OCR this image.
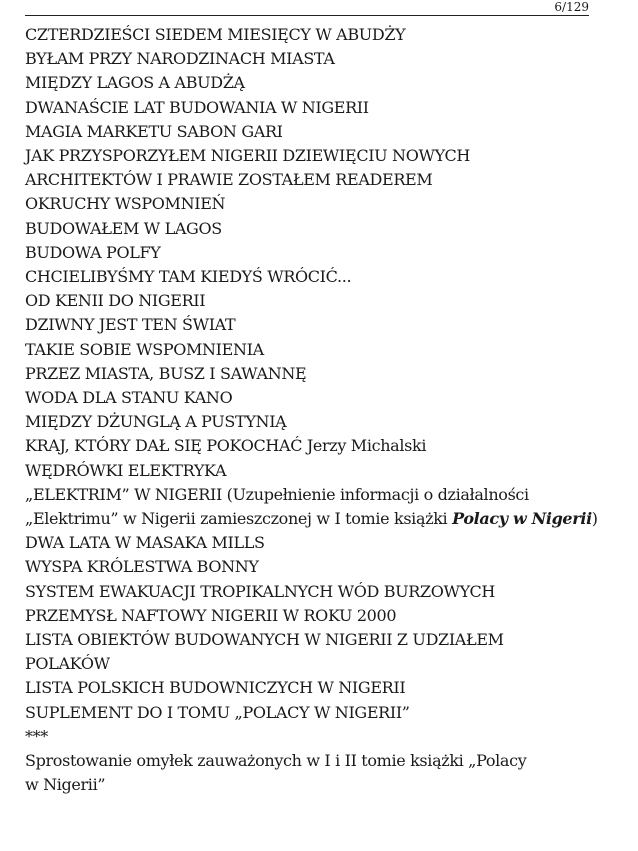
6/129
CZTERDZIEŚCI SIEDEM MIESIĘCY W ABUDŻY
BYŁAM PRZY NARODZINACH MIASTA
MIĘDZY LAGOS A ABUDŻĄ
DWANAŚCIE LAT BUDOWANIA W NIGERII
MAGIA MARKETU SABON GARI
JAK PRZYSPORZYŁEM NIGERII DZIEWIĘCIU NOWYCH
ARCHITEKTÓW I PRAWIE ZOSTAŁEM READEREM
OKRUCHY WSPOMNIEŃ
BUDOWAŁEM W LAGOS
BUDOWA POLFY
CHCIELIBYŚMY TAM KIEDYŚ WRÓCIĆ...
OD KENII DO NIGERII
DZIWNY JEST TEN ŚWIAT
TAKIE SOBIE WSPOMNIENIA
PRZEZ MIASTA, BUSZ I SAWANNĘ
WODA DLA STANU KANO
MIĘDZY DŻUNGLĄ A PUSTYNIĄ
KRAJ, KTÓRY DAŁ SIĘ POKOCHAĆ Jerzy Michalski
WĘDRÓWKI ELEKTRYKA
„ELEKTRIM” W NIGERII (Uzupełnienie informacji o działalności „Elektrimu” w Nigerii zamieszczonej w I tomie książki Polacy w Nigerii)
DWA LATA W MASAKA MILLS
WYSPA KRÓLESTWA BONNY
SYSTEM EWAKUACJI TROPIKALNYCH WÓD BURZOWYCH
PRZEMYSŁ NAFTOWY NIGERII W ROKU 2000
LISTA OBIEKTÓW BUDOWANYCH W NIGERII Z UDZIAŁEM
POLAKÓW
LISTA POLSKICH BUDOWNICZYCH W NIGERII
SUPLEMENT DO I TOMU „POLACY W NIGERII”
***
Sprostowanie omyłek zauważonych w I i II tomie książki „Polacy
w Nigerii”
